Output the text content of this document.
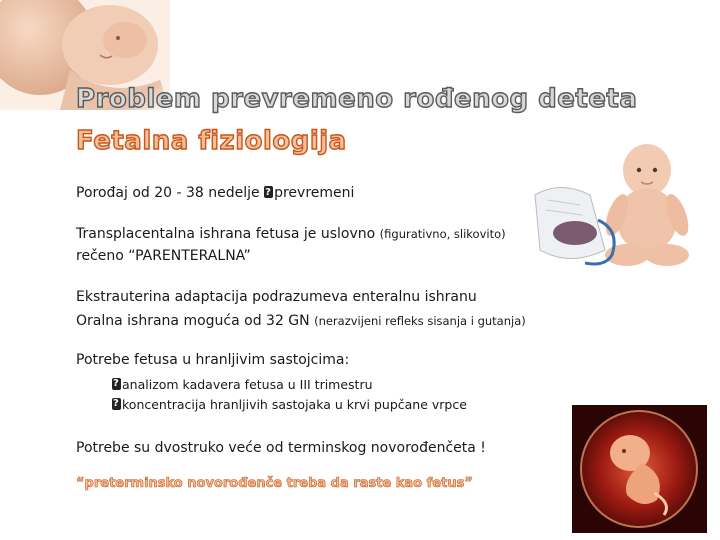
Problem prevremeno rođenog deteta
Fetalna fiziologija

Porođaj od 20 - 38 nedelje ? prevremeni

Transplacentalna ishrana fetusa je uslovno (figurativno, slikovito)

rečeno “PARENTERALNA”

Ekstrauterina adaptacija podrazumeva enteralnu ishranu

Oralna ishrana moguća od 32 GN (nerazvijeni refleks sisanja i gutanja)

Potrebe fetusa u hranljivim sastojcima:

?analizom kadavera fetusa u III trimestru
?koncentracija hranljivih sastojaka u krvi pupčane vrpce

Potrebe su dvostruko veće od terminskog novorođenčeta !

“preterminsko novorođenče treba da raste kao fetus”
